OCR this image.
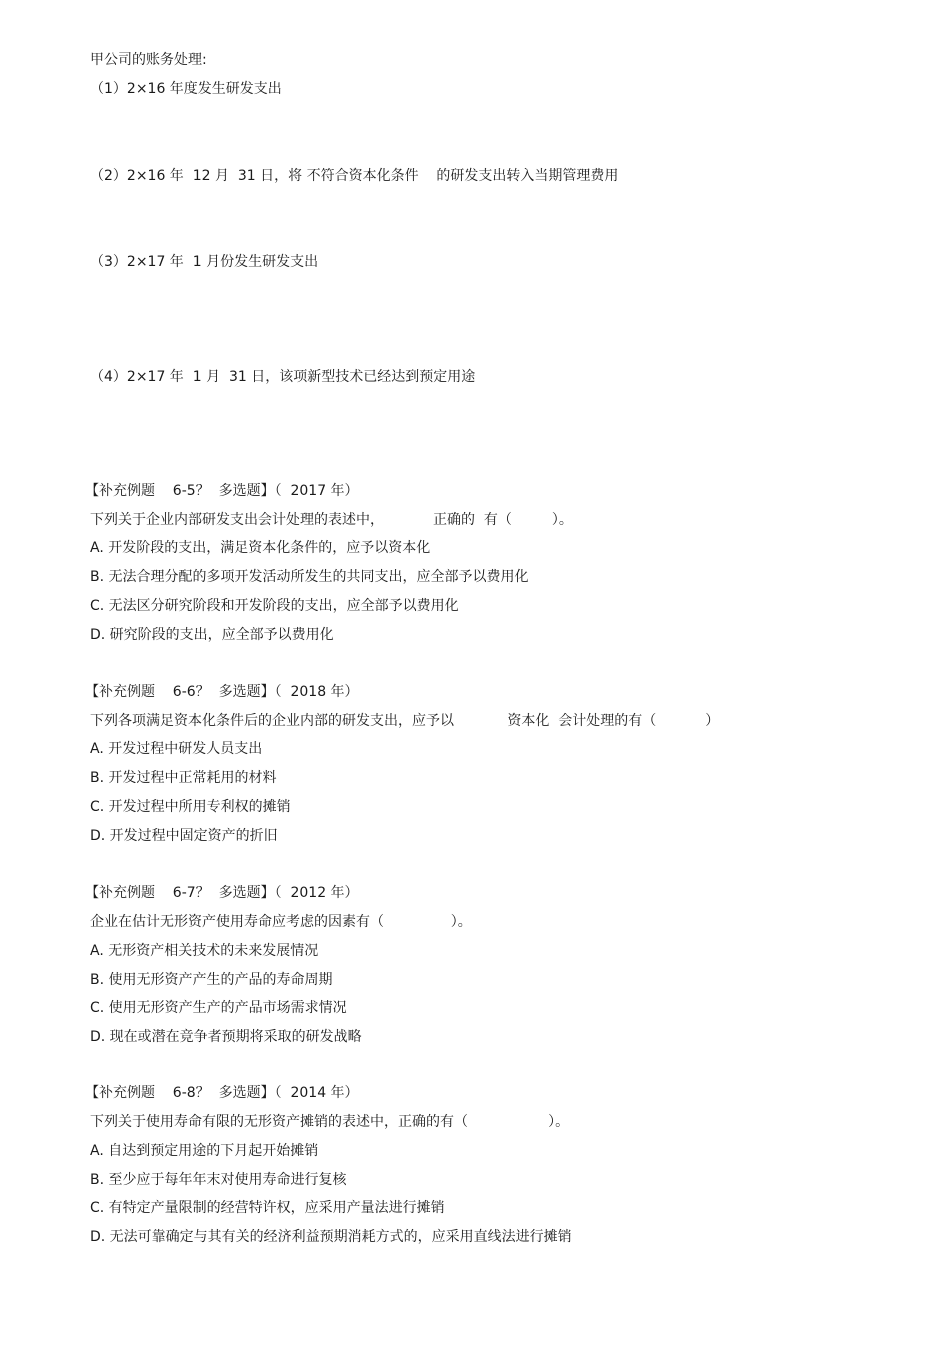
甲公司的账务处理:
（1）2×16 年度发生研发支出
（2）2×16 年  12 月  31 日，将 不符合资本化条件    的研发支出转入当期管理费用
（3）2×17 年  1 月份发生研发支出
（4）2×17 年  1 月  31 日，该项新型技术已经达到预定用途
【补充例题    6-5？  多选题】（  2017 年）
下列关于企业内部研发支出会计处理的表述中，           正确的  有（         ）。
A. 开发阶段的支出，满足资本化条件的，应予以资本化
B. 无法合理分配的多项开发活动所发生的共同支出，应全部予以费用化
C. 无法区分研究阶段和开发阶段的支出，应全部予以费用化
D. 研究阶段的支出，应全部予以费用化
【补充例题    6-6？  多选题】（  2018 年）
下列各项满足资本化条件后的企业内部的研发支出，应予以            资本化  会计处理的有（           ）
A. 开发过程中研发人员支出
B. 开发过程中正常耗用的材料
C. 开发过程中所用专利权的摊销
D. 开发过程中固定资产的折旧
【补充例题    6-7？  多选题】（  2012 年）
企业在估计无形资产使用寿命应考虑的因素有（               ）。
A. 无形资产相关技术的未来发展情况
B. 使用无形资产产生的产品的寿命周期
C. 使用无形资产生产的产品市场需求情况
D. 现在或潜在竞争者预期将采取的研发战略
【补充例题    6-8？  多选题】（  2014 年）
下列关于使用寿命有限的无形资产摊销的表述中，正确的有（                  ）。
A. 自达到预定用途的下月起开始摊销
B. 至少应于每年年末对使用寿命进行复核
C. 有特定产量限制的经营特许权，应采用产量法进行摊销
D. 无法可靠确定与其有关的经济利益预期消耗方式的，应采用直线法进行摊销
